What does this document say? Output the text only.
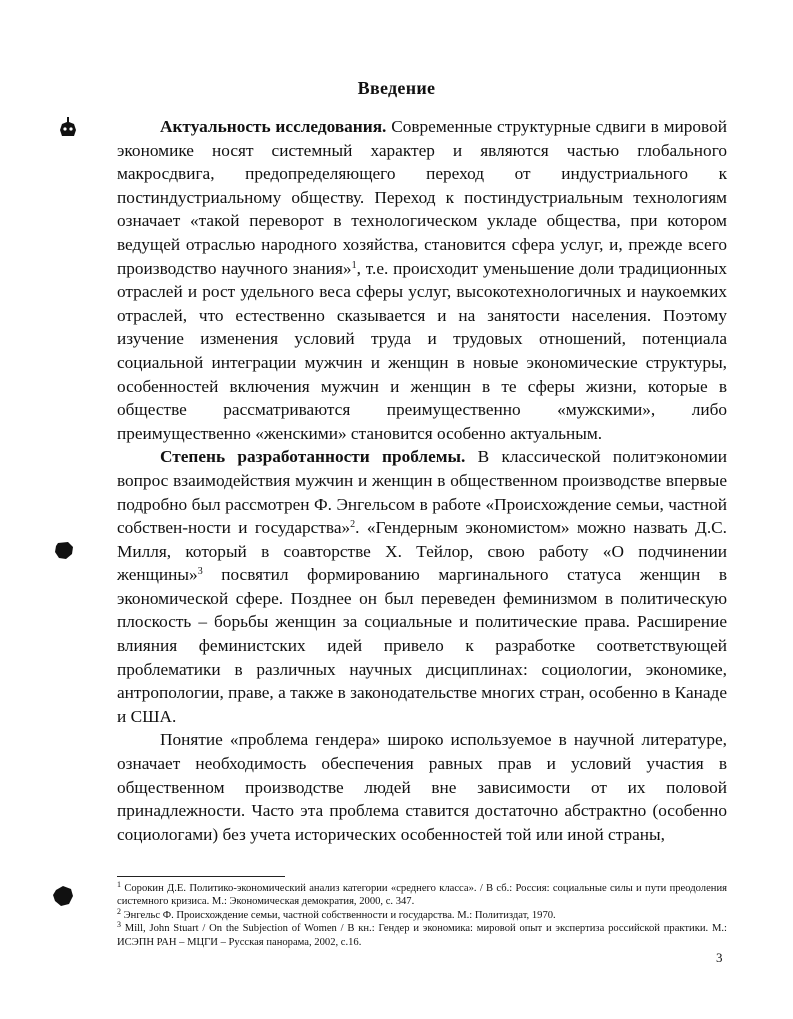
Введение

Актуальность исследования. Современные структурные сдвиги в мировой экономике носят системный характер и являются частью глобального макросдвига, предопределяющего переход от индустриального к постиндустриальному обществу. Переход к постиндустриальным технологиям означает «такой переворот в технологическом укладе общества, при котором ведущей отраслью народного хозяйства, становится сфера услуг, и, прежде всего производство научного знания»$^1$, т.е. происходит уменьшение доли традиционных отраслей и рост удельного веса сферы услуг, высокотехнологичных и наукоемких отраслей, что естественно сказывается и на занятости населения. Поэтому изучение изменения условий труда и трудовых отношений, потенциала социальной интеграции мужчин и женщин в новые экономические структуры, особенностей включения мужчин и женщин в те сферы жизни, которые в обществе рассматриваются преимущественно «мужскими», либо преимущественно «женскими» становится особенно актуальным.

Степень разработанности проблемы. В классической политэкономии вопрос взаимодействия мужчин и женщин в общественном производстве впервые подробно был рассмотрен Ф. Энгельсом в работе «Происхождение семьи, частной собствен-ности и государства»$^2$. «Гендерным экономистом» можно назвать Д.С. Милля, который в соавторстве Х. Тейлор, свою работу «О подчинении женщины»$^3$ посвятил формированию маргинального статуса женщин в экономической сфере. Позднее он был переведен феминизмом в политическую плоскость – борьбы женщин за социальные и политические права. Расширение влияния феминистских идей привело к разработке соответствующей проблематики в различных научных дисциплинах: социологии, экономике, антропологии, праве, а также в законодательстве многих стран, особенно в Канаде и США.

Понятие «проблема гендера» широко используемое в научной литературе, означает необходимость обеспечения равных прав и условий участия в общественном производстве людей вне зависимости от их половой принадлежности. Часто эта проблема ставится достаточно абстрактно (особенно социологами) без учета исторических особенностей той или иной страны,

$^1$ Сорокин Д.Е. Политико-экономический анализ категории «среднего класса». / В сб.: Россия: социальные силы и пути преодоления системного кризиса. М.: Экономическая демократия, 2000, с. 347.

$^2$ Энгельс Ф. Происхождение семьи, частной собственности и государства. М.: Политиздат, 1970.

$^3$ Mill, John Stuart / On the Subjection of Women / В кн.: Гендер и экономика: мировой опыт и экспертиза российской практики. М.: ИСЭПН РАН – МЦГИ – Русская панорама, 2002, с.16.

3
